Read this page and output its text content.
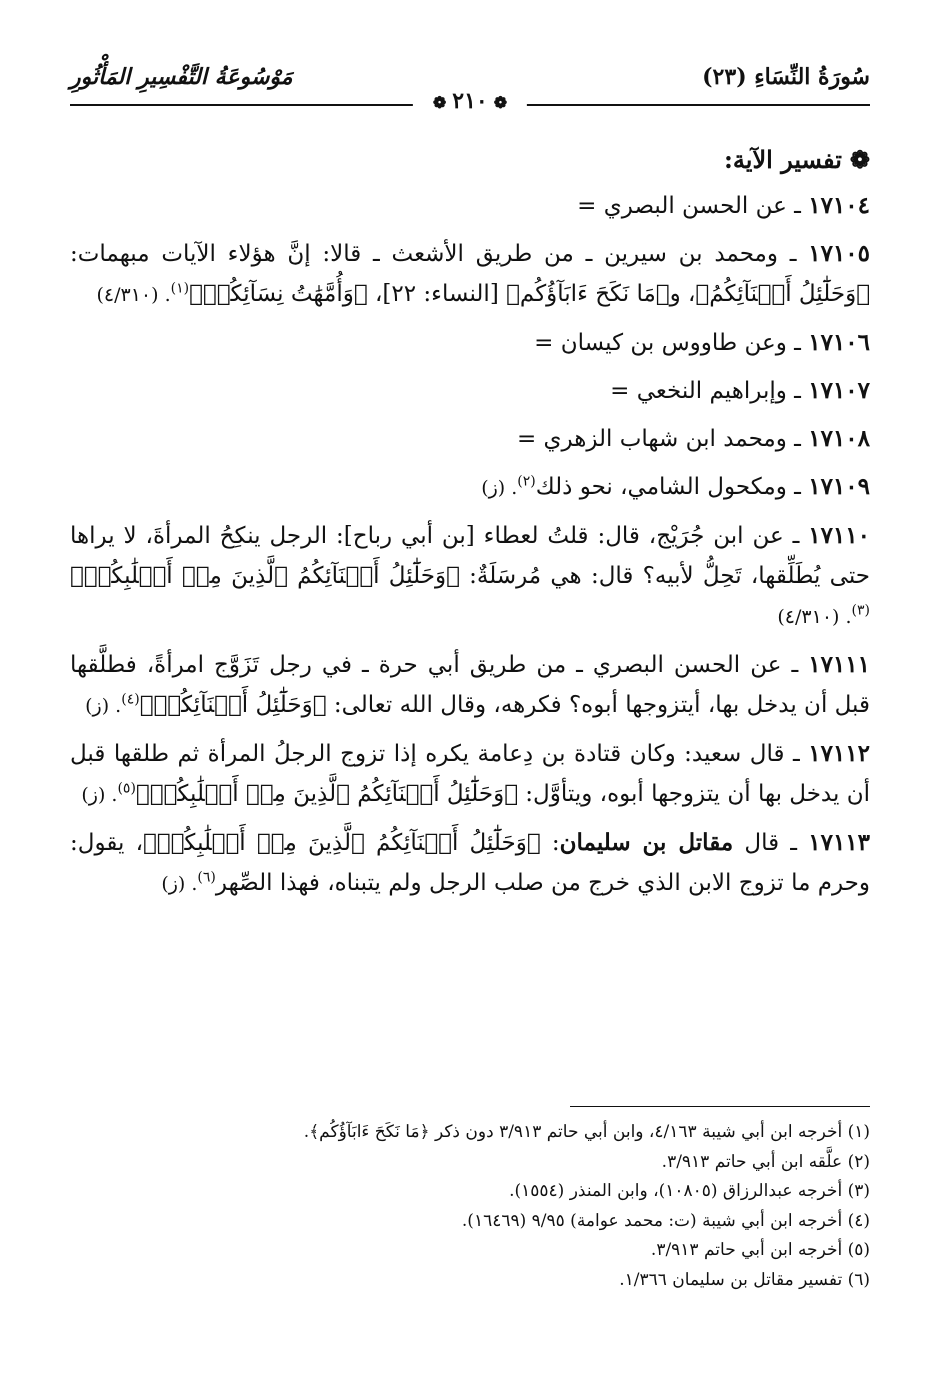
سُورَةُ النِّسَاءِ (٢٣)
مَوْسُوعَةُ التَّفْسِيرِ المَأْثُورِ
❁٢١٠❁
❁تفسير الآية:
١٧١٠٤ ـ عن الحسن البصري =
١٧١٠٥ ـ ومحمد بن سيرين ـ من طريق الأشعث ـ قالا: إنَّ هؤلاء الآيات مبهمات: ﴿وَحَلَٰٓئِلُ أَبۡنَآئِكُمُ﴾، و﴿مَا نَكَحَ ءَابَآؤُكُم﴾ [النساء: ٢٢]، ﴿وَأُمَّهَٰتُ نِسَآئِكُمۡ﴾$^{(١)}$. (٤/٣١٠)
١٧١٠٦ ـ وعن طاووس بن كيسان =
١٧١٠٧ ـ وإبراهيم النخعي =
١٧١٠٨ ـ ومحمد ابن شهاب الزهري =
١٧١٠٩ ـ ومكحول الشامي، نحو ذلك$^{(٢)}$. (ز)
١٧١١٠ ـ عن ابن جُرَيْج، قال: قلتُ لعطاء [بن أبي رباح]: الرجل ينكِحُ المرأةَ، لا يراها حتى يُطَلِّقها، تَحِلُّ لأبيه؟ قال: هي مُرسَلَةٌ: ﴿وَحَلَٰٓئِلُ أَبۡنَآئِكُمُ ٱلَّذِينَ مِنۡ أَصۡلَٰبِكُمۡ﴾$^{(٣)}$. (٤/٣١٠)
١٧١١١ ـ عن الحسن البصري ـ من طريق أبي حرة ـ في رجل تَزَوَّج امرأةً، فطلَّقها قبل أن يدخل بها، أيتزوجها أبوه؟ فكرهه، وقال الله تعالى: ﴿وَحَلَٰٓئِلُ أَبۡنَآئِكُمۡ﴾$^{(٤)}$. (ز)
١٧١١٢ ـ قال سعيد: وكان قتادة بن دِعامة يكره إذا تزوج الرجلُ المرأة ثم طلقها قبل أن يدخل بها أن يتزوجها أبوه، ويتأوَّل: ﴿وَحَلَٰٓئِلُ أَبۡنَآئِكُمُ ٱلَّذِينَ مِنۡ أَصۡلَٰبِكُمۡ﴾$^{(٥)}$. (ز)
١٧١١٣ ـ قال مقاتل بن سليمان: ﴿وَحَلَٰٓئِلُ أَبۡنَآئِكُمُ ٱلَّذِينَ مِنۡ أَصۡلَٰبِكُمۡ﴾، يقول: وحرم ما تزوج الابن الذي خرج من صلب الرجل ولم يتبناه، فهذا الصِّهر$^{(٦)}$. (ز)
(١) أخرجه ابن أبي شيبة ٤/١٦٣، وابن أبي حاتم ٣/٩١٣ دون ذكر ﴿مَا نَكَحَ ءَابَآؤُكُم﴾.
(٢) علَّقه ابن أبي حاتم ٣/٩١٣.
(٣) أخرجه عبدالرزاق (١٠٨٠٥)، وابن المنذر (١٥٥٤).
(٤) أخرجه ابن أبي شيبة (ت: محمد عوامة) ٩/٩٥ (١٦٤٦٩).
(٥) أخرجه ابن أبي حاتم ٣/٩١٣.
(٦) تفسير مقاتل بن سليمان ١/٣٦٦.
